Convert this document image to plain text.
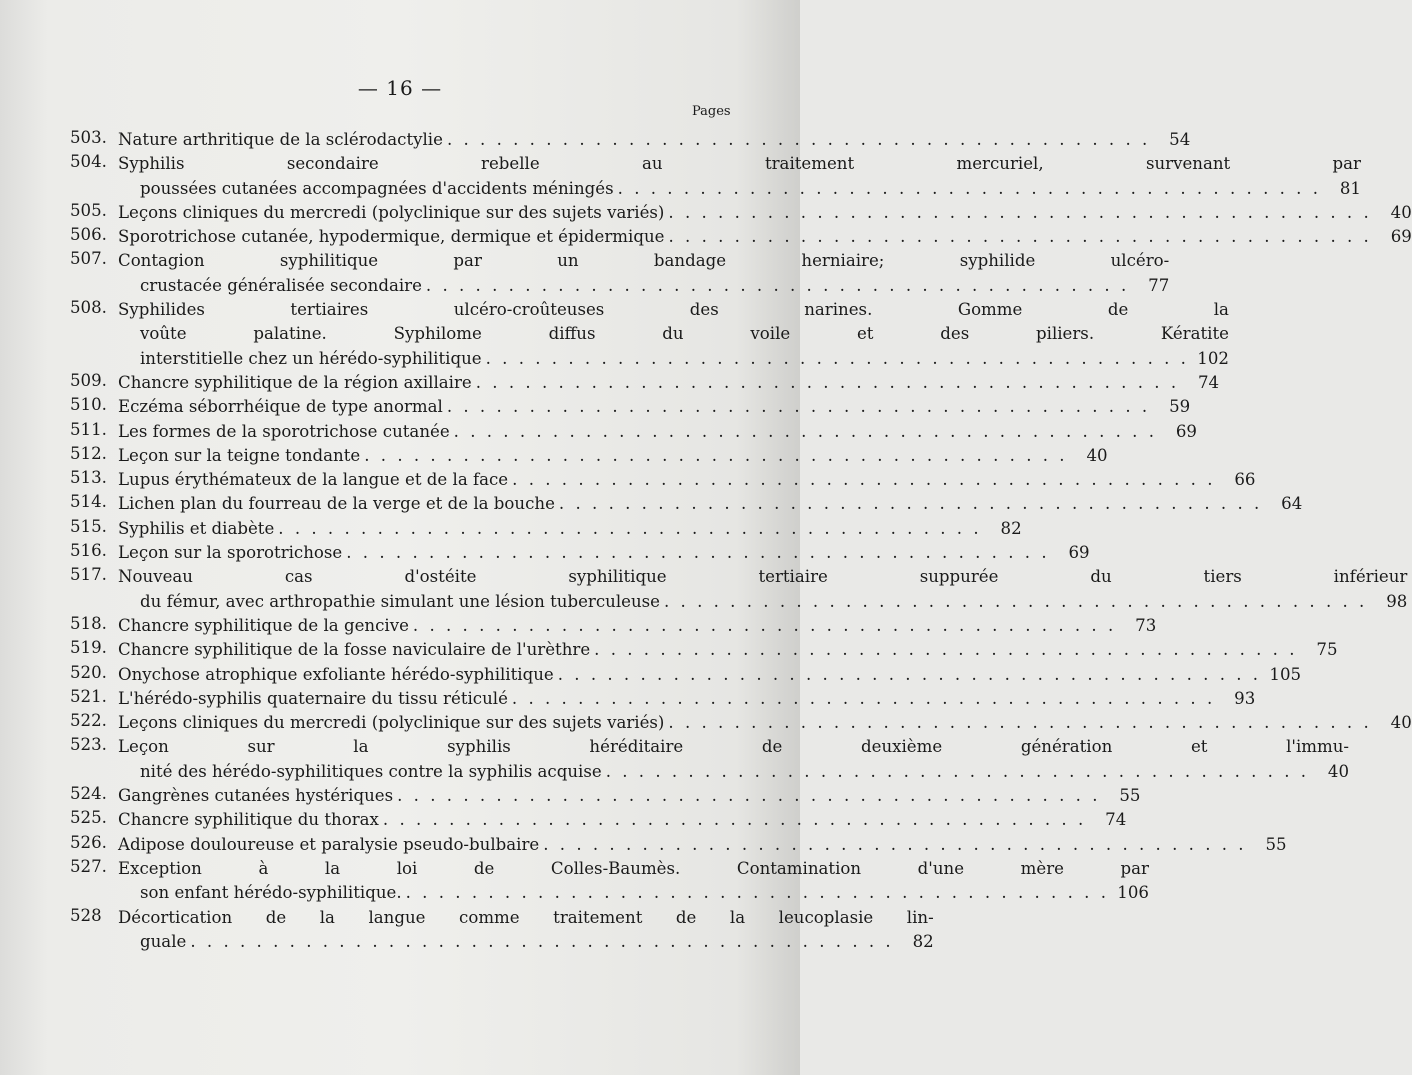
— 16 —
Pages
503. Nature arthritique de la sclérodactylie . . .	54
504. Syphilis secondaire rebelle au traitement mercuriel, survenant par
poussées cutanées accompagnées d'accidents méningés . . .	81
505. Leçons cliniques du mercredi (polyclinique sur des sujets variés) . . .	40
506. Sporotrichose cutanée, hypodermique, dermique et épidermique . . .	69
507. Contagion syphilitique par un bandage herniaire; syphilide ulcéro-
crustacée généralisée secondaire . . .	77
508. Syphilides tertiaires ulcéro-croûteuses des narines. Gomme de la
voûte palatine. Syphilome diffus du voile et des piliers. Kératite
interstitielle chez un hérédo-syphilitique . . .	102
509. Chancre syphilitique de la région axillaire . . .	74
510. Eczéma séborrhéique de type anormal . . .	59
511. Les formes de la sporotrichose cutanée . . .	69
512. Leçon sur la teigne tondante . . .	40
513. Lupus érythémateux de la langue et de la face . . .	66
514. Lichen plan du fourreau de la verge et de la bouche . . .	64
515. Syphilis et diabète . . .	82
516. Leçon sur la sporotrichose . . .	69
517. Nouveau cas d'ostéite syphilitique tertiaire suppurée du tiers inférieur
du fémur, avec arthropathie simulant une lésion tuberculeuse . . .	98
518. Chancre syphilitique de la gencive . . .	73
519. Chancre syphilitique de la fosse naviculaire de l'urèthre . . .	75
520. Onychose atrophique exfoliante hérédo-syphilitique . . .	105
521. L'hérédo-syphilis quaternaire du tissu réticulé . . .	93
522. Leçons cliniques du mercredi (polyclinique sur des sujets variés) . . .	40
523. Leçon sur la syphilis héréditaire de deuxième génération et l'immu-
nité des hérédo-syphilitiques contre la syphilis acquise . . .	40
524. Gangrènes cutanées hystériques . . .	55
525. Chancre syphilitique du thorax . . .	74
526. Adipose douloureuse et paralysie pseudo-bulbaire . . .	55
527. Exception à la loi de Colles-Baumès. Contamination d'une mère par
son enfant hérédo-syphilitique. . . .	106
528 Décortication de la langue comme traitement de la leucoplasie lin-
guale . . .	82
